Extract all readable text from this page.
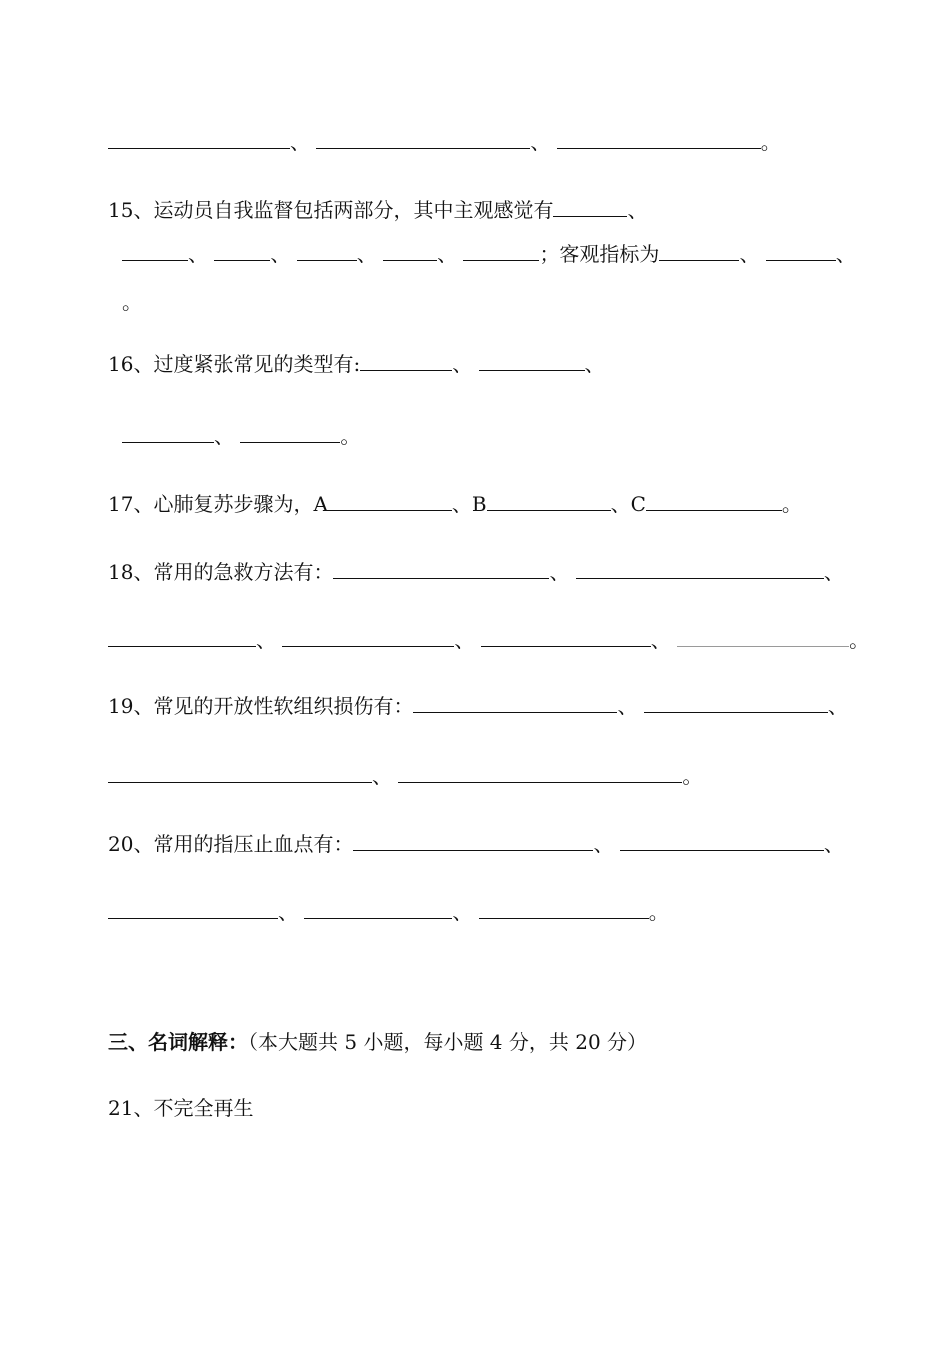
、	、	。
15、运动员自我监督包括两部分，其中主观感觉有	、
、	、	、	、	；客观指标为	、	、
。
16、过度紧张常见的类型有:	、	、
、	。
17、心肺复苏步骤为，A	、B	、C	。
18、常用的急救方法有：	、	、
、	、	、	。
19、常见的开放性软组织损伤有：	、	、
、	。
20、常用的指压止血点有：	、	、
、	、	。
三、名词解释：（本大题共 5 小题，每小题 4 分，共 20 分）
21、不完全再生
